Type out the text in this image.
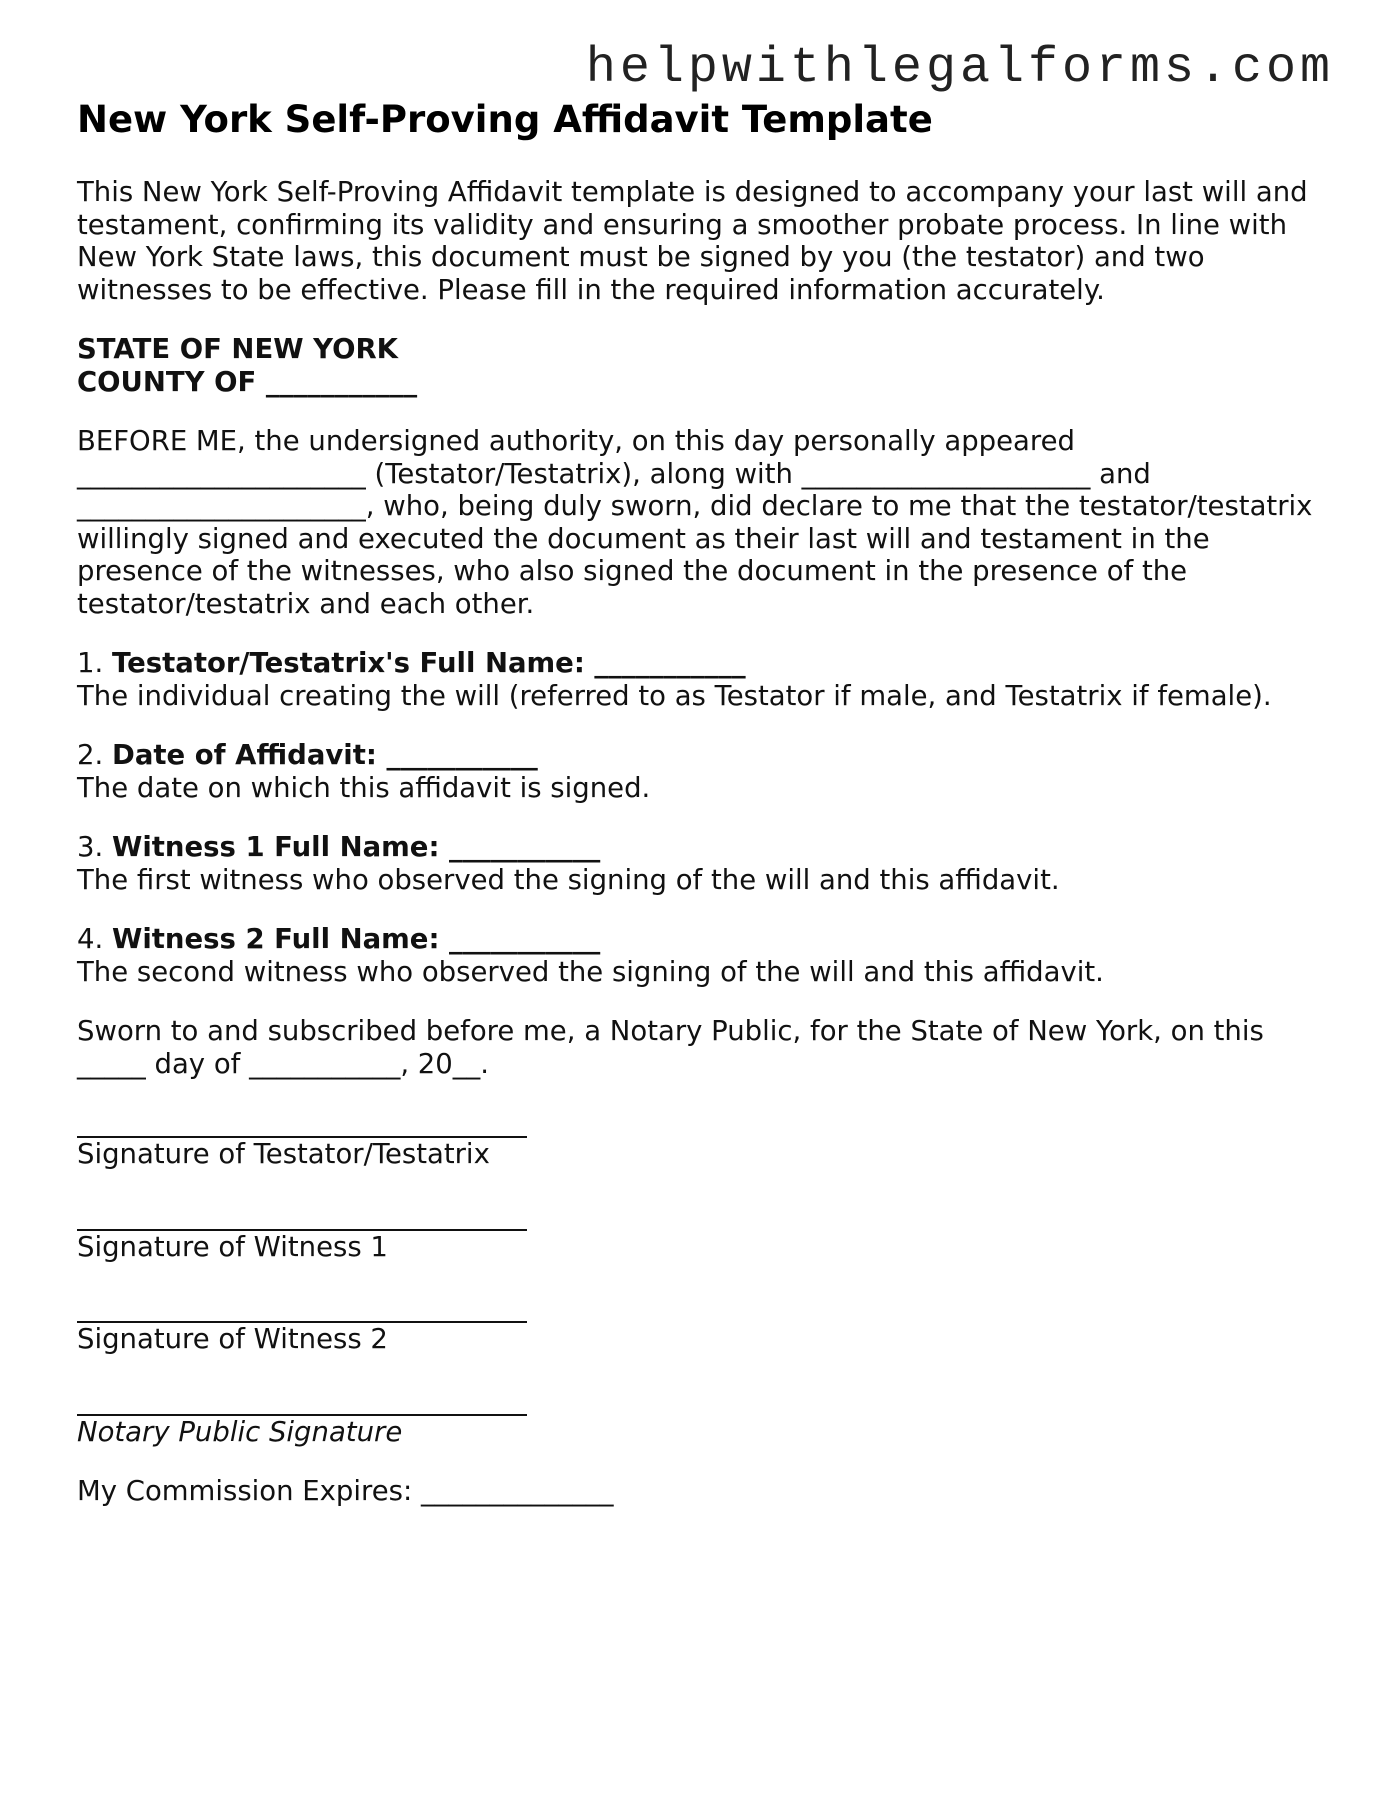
helpwithlegalforms.com
New York Self-Proving Affidavit Template

This New York Self-Proving Affidavit template is designed to accompany your last will and testament, confirming its validity and ensuring a smoother probate process. In line with New York State laws, this document must be signed by you (the testator) and two witnesses to be effective. Please fill in the required information accurately.

STATE OF NEW YORK
COUNTY OF ___________

BEFORE ME, the undersigned authority, on this day personally appeared
_____________________ (Testator/Testatrix), along with _____________________ and
_____________________, who, being duly sworn, did declare to me that the testator/testatrix willingly signed and executed the document as their last will and testament in the presence of the witnesses, who also signed the document in the presence of the testator/testatrix and each other.

1. Testator/Testatrix's Full Name: ___________
The individual creating the will (referred to as Testator if male, and Testatrix if female).
2. Date of Affidavit: ___________
The date on which this affidavit is signed.
3. Witness 1 Full Name: ___________
The first witness who observed the signing of the will and this affidavit.
4. Witness 2 Full Name: ___________
The second witness who observed the signing of the will and this affidavit.

Sworn to and subscribed before me, a Notary Public, for the State of New York, on this
_____ day of ___________, 20__.

Signature of Testator/Testatrix
Signature of Witness 1
Signature of Witness 2
Notary Public Signature

My Commission Expires: ______________
